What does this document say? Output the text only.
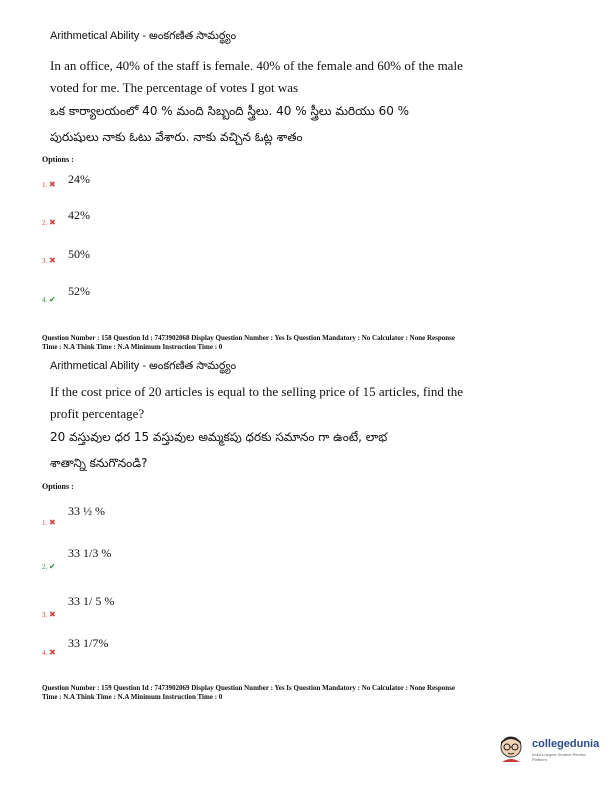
Arithmetical Ability - అంకగణిత సామర్థ్యం
In an office, 40% of the staff is female. 40% of the female and 60% of the male
voted for me. The percentage of votes I got was
ఒక కార్యాలయంలో 40 % మంది సిబ్బంది స్త్రీలు. 40 % స్త్రీలు మరియు 60 %
పురుషులు నాకు ఓటు వేశారు. నాకు వచ్చిన ఓట్ల శాతం
Options :
1. ✖ 24%
2. ✖
42%
3. ✖ 50%
4. ✔
52%
Question Number : 158 Question Id : 7473902068 Display Question Number : Yes Is Question Mandatory : No Calculator : None Response
Time : N.A Think Time : N.A Minimum Instruction Time : 0
Arithmetical Ability - అంకగణిత సామర్థ్యం
If the cost price of 20 articles is equal to the selling price of 15 articles, find the
profit percentage?
20 వస్తువుల ధర 15 వస్తువుల అమ్మకపు ధరకు సమానం గా ఉంటే, లాభ
శాతాన్ని కనుగొనండి?
Options :
1. ✖
33 ½ %
2. ✔
33 1/3 %
3. ✖
33 1/ 5 %
4. ✖
33 1/7%
Question Number : 159 Question Id : 7473902069 Display Question Number : Yes Is Question Mandatory : No Calculator : None Response
Time : N.A Think Time : N.A Minimum Instruction Time : 0
collegedunia
India's largest Student Review Platform
